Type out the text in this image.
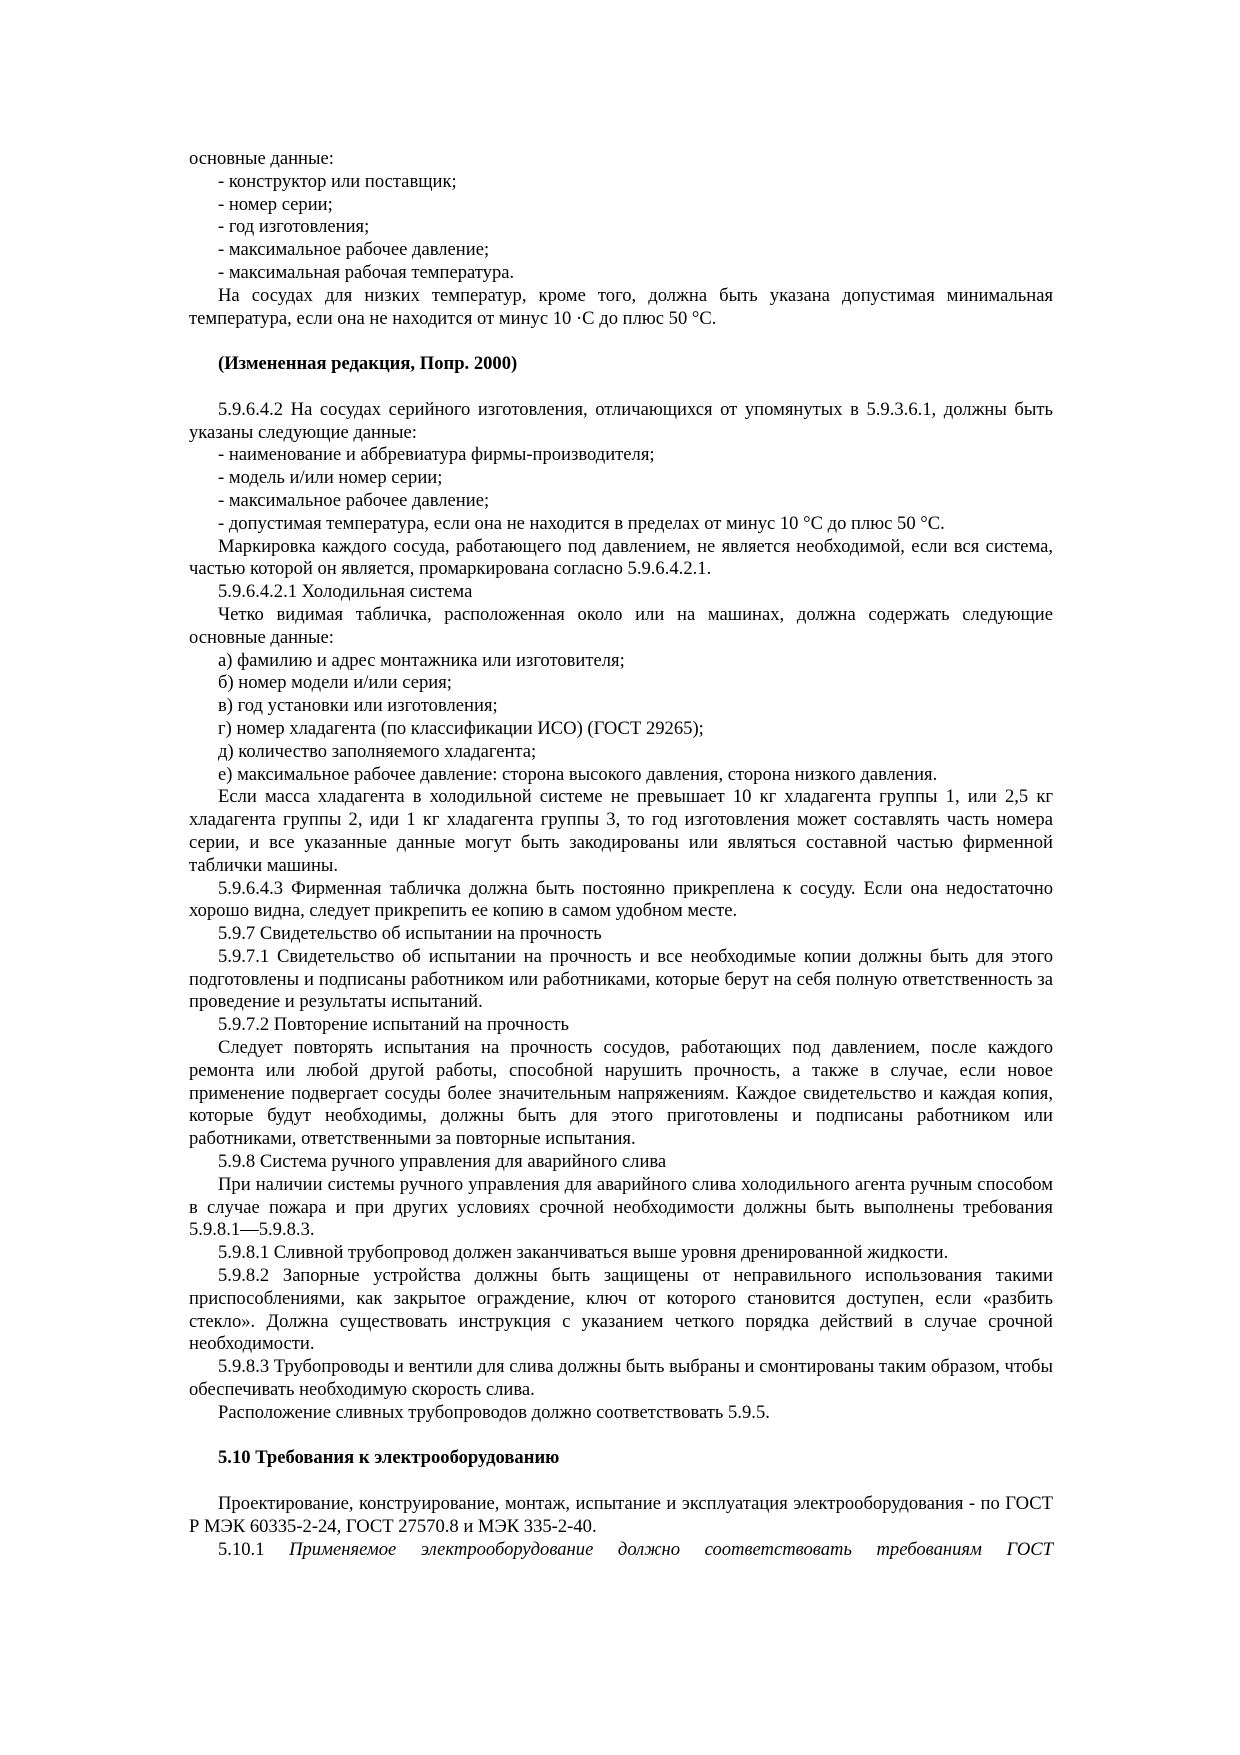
основные данные:

- конструктор или поставщик;

- номер серии;

- год изготовления;

- максимальное рабочее давление;

- максимальная рабочая температура.

На сосудах для низких температур, кроме того, должна быть указана допустимая минимальная температура, если она не находится от минус 10 ·С до плюс 50 °С.

(Измененная редакция, Попр. 2000)

5.9.6.4.2 На сосудах серийного изготовления, отличающихся от упомянутых в 5.9.3.6.1, должны быть указаны следующие данные:

- наименование и аббревиатура фирмы-производителя;

- модель и/или номер серии;

- максимальное рабочее давление;

- допустимая температура, если она не находится в пределах от минус 10 °С до плюс 50 °С.

Маркировка каждого сосуда, работающего под давлением, не является необходимой, если вся система, частью которой он является, промаркирована согласно 5.9.6.4.2.1.

5.9.6.4.2.1 Холодильная система

Четко видимая табличка, расположенная около или на машинах, должна содержать следующие основные данные:

а) фамилию и адрес монтажника или изготовителя;

б) номер модели и/или серия;

в) год установки или изготовления;

г) номер хладагента (по классификации ИСО) (ГОСТ 29265);

д) количество заполняемого хладагента;

е) максимальное рабочее давление: сторона высокого давления, сторона низкого давления.

Если масса хладагента в холодильной системе не превышает 10 кг хладагента группы 1, или 2,5 кг хладагента группы 2, иди 1 кг хладагента группы 3, то год изготовления может составлять часть номера серии, и все указанные данные могут быть закодированы или являться составной частью фирменной таблички машины.

5.9.6.4.3 Фирменная табличка должна быть постоянно прикреплена к сосуду. Если она недостаточно хорошо видна, следует прикрепить ее копию в самом удобном месте.

5.9.7 Свидетельство об испытании на прочность

5.9.7.1 Свидетельство об испытании на прочность и все необходимые копии должны быть для этого подготовлены и подписаны работником или работниками, которые берут на себя полную ответственность за проведение и результаты испытаний.

5.9.7.2 Повторение испытаний на прочность

Следует повторять испытания на прочность сосудов, работающих под давлением, после каждого ремонта или любой другой работы, способной нарушить прочность, а также в случае, если новое применение подвергает сосуды более значительным напряжениям. Каждое свидетельство и каждая копия, которые будут необходимы, должны быть для этого приготовлены и подписаны работником или работниками, ответственными за повторные испытания.

5.9.8 Система ручного управления для аварийного слива

При наличии системы ручного управления для аварийного слива холодильного агента ручным способом в случае пожара и при других условиях срочной необходимости должны быть выполнены требования 5.9.8.1—5.9.8.3.

5.9.8.1 Сливной трубопровод должен заканчиваться выше уровня дренированной жидкости.

5.9.8.2 Запорные устройства должны быть защищены от неправильного использования такими приспособлениями, как закрытое ограждение, ключ от которого становится доступен, если «разбить стекло». Должна существовать инструкция с указанием четкого порядка действий в случае срочной необходимости.

5.9.8.3 Трубопроводы и вентили для слива должны быть выбраны и смонтированы таким образом, чтобы обеспечивать необходимую скорость слива.

Расположение сливных трубопроводов должно соответствовать 5.9.5.

5.10 Требования к электрооборудованию

Проектирование, конструирование, монтаж, испытание и эксплуатация электрооборудования - по ГОСТ Р МЭК 60335-2-24, ГОСТ 27570.8 и МЭК 335-2-40.

5.10.1 Применяемое электрооборудование должно соответствовать требованиям ГОСТ
